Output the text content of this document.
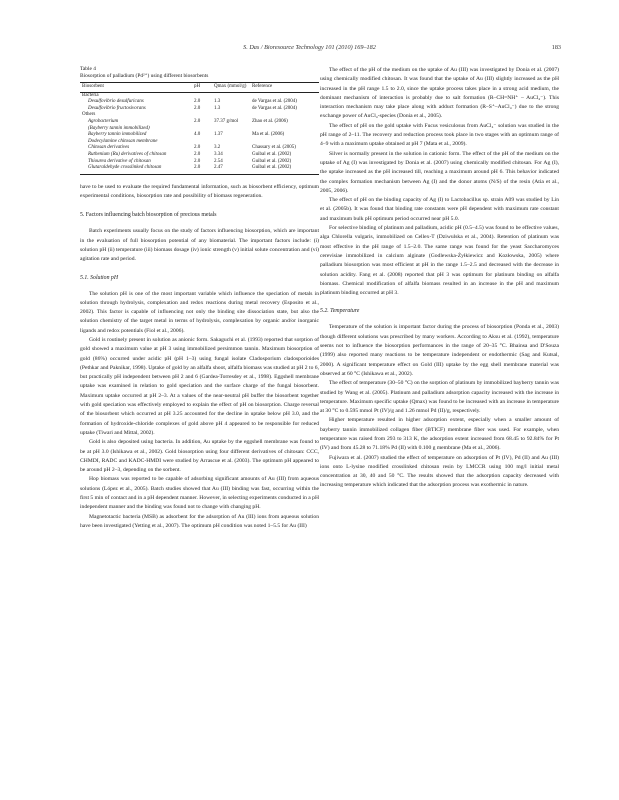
S. Das / Bioresource Technology 101 (2010) 169–182	183

Table 4

Biosorption of palladium (Pd²⁺) using different biosorbents

Biosorbent	pH	Qmax (mmol/g)	Reference
Bacteria			
Desulfovibrio desulfuricans	2.0	1.3	de Vargas et al. (2004)
Desulfovibrio fructosivorans	2.0	1.3	de Vargas et al. (2004)
Others			
Agrobacterium	2.0	37.37 g/mol	Zhao et al. (2006)
(Bayberry tannin immobilized)			
Bayberry tannin immobilized	4.0	1.37	Ma et al. (2006)
Dodecylamine chitosan membrane			
Chitosan derivatives	2.0	3.2	Chassary et al. (2005)
Ruthenium (Ru) derivatives of chitosan	2.0	3.34	Guibal et al. (2002)
Thiourea derivative of chitosan	2.0	2.54	Guibal et al. (2002)
Glutaraldehyde crosslinked chitosan	2.0	2.47	Guibal et al. (2002)

have to be used to evaluate the required fundamental information, such as biosorbent efficiency, optimum experimental conditions, biosorption rate and possibility of biomass regeneration.

5. Factors influencing batch biosorption of precious metals

Batch experiments usually focus on the study of factors influencing biosorption, which are important in the evaluation of full biosorption potential of any biomaterial. The important factors include: (i) solution pH (ii) temperature (iii) biomass dosage (iv) ionic strength (v) initial solute concentration and (vi) agitation rate and period.

5.1. Solution pH

The solution pH is one of the most important variable which influence the speciation of metals in solution through hydrolysis, complexation and redox reactions during metal recovery (Esposito et al., 2002). This factor is capable of influencing not only the binding site dissociation state, but also the solution chemistry of the target metal in terms of hydrolysis, complexation by organic and/or inorganic ligands and redox potentials (Fiol et al., 2006).

Gold is routinely present in solution as anionic form. Sakaguchi et al. (1993) reported that sorption of gold showed a maximum value at pH 3 using immobilized persimmon tannin. Maximum biosorption of gold (86%) occurred under acidic pH (pH 1–3) using fungal isolate Cladosporium cladosporioides (Pethkar and Paknikar, 1998). Uptake of gold by an alfalfa shoot, alfalfa biomass was studied at pH 2 to 6, but practically pH independent between pH 2 and 6 (Gardea-Torresdey et al., 1998). Eggshell membrane uptake was examined in relation to gold speciation and the surface charge of the fungal biosorbent. Maximum uptake occurred at pH 2–3. At a values of the near-neutral pH buffer the biosorbent together with gold speciation was effectively employed to explain the effect of pH on biosorption. Charge reversal of the biosorbent which occurred at pH 3.25 accounted for the decline in uptake below pH 3.0, and the formation of hydroxide-chloride complexes of gold above pH 4 appeared to be responsible for reduced uptake (Tiwari and Mittal, 2002).

Gold is also deposited using bacteria. In addition, Au uptake by the eggshell membrane was found to be at pH 3.0 (Ishikawa et al., 2002). Gold biosorption using four different derivatives of chitosan: CCC, CHMDI, RADC and KADC-HMDI were studied by Arrascue et al. (2003). The optimum pH appeared to be around pH 2–3, depending on the sorbent.

Hop biomass was reported to be capable of adsorbing significant amounts of Au (III) from aqueous solutions (López et al., 2005). Batch studies showed that Au (III) binding was fast, occurring within the first 5 min of contact and in a pH dependent manner. However, in selecting experiments conducted in a pH independent manner and the binding was found not to change with changing pH.

Magnetotactic bacteria (MSB) as adsorbent for the adsorption of Au (III) ions from aqueous solution have been investigated (Yetting et al., 2007). The optimum pH condition was noted 1–5.5 for Au (III)

The effect of the pH of the medium on the uptake of Au (III) was investigated by Donia et al. (2007) using chemically modified chitosan. It was found that the uptake of Au (III) slightly increased as the pH increased in the pH range 1.5 to 2.0, since the uptake process takes place in a strong acid medium, the dominant mechanism of interaction is probably due to salt formation (R–CH=NH⁺ – AuCl₄⁻). This interaction mechanism may take place along with adduct formation (R–S⁺–AuCl₄⁻) due to the strong exchange power of AuCl₄-species (Donia et al., 2005).

The effect of pH on the gold uptake with Fucus vesiculosus from AuCl₄⁻ solution was studied in the pH range of 2–11. The recovery and reduction process took place in two stages with an optimum range of 4–9 with a maximum uptake obtained at pH 7 (Mata et al., 2009).

Silver is normally present in the solution in cationic form. The effect of the pH of the medium on the uptake of Ag (I) was investigated by Donia et al. (2007) using chemically modified chitosan. For Ag (I), the uptake increased as the pH increased till, reaching a maximum around pH 6. This behavior indicated the complex formation mechanism between Ag (I) and the donor atoms (N/S) of the resin (Atia et al., 2005, 2006).

The effect of pH on the binding capacity of Ag (I) to Lactobacillus sp. strain A09 was studied by Lin et al. (2005b). It was found that binding rate constants were pH dependent with maximum rate constant and maximum bulk pH optimum period occurred near pH 5.0.

For selective binding of platinum and palladium, acidic pH (0.5–4.5) was found to be effective values, alga Chlorella vulgaris, immobilized on Cellex-T (Dziwulska et al., 2004). Retention of platinum was most effective in the pH range of 1.5–2.0. The same range was found for the yeast Saccharomyces cerevisiae immobilized in calcium alginate (Godlewska-Żyłkiewicz and Kozłowska, 2005) where palladium biosorption was most efficient at pH in the range 1.5–2.5 and decreased with the decrease in solution acidity. Fang et al. (2008) reported that pH 3 was optimum for platinum binding on alfalfa biomass. Chemical modification of alfalfa biomass resulted in an increase in the pH and maximum platinum binding occurred at pH 3.

5.2. Temperature

Temperature of the solution is important factor during the process of biosorption (Ponda et al., 2003) though different solutions was prescribed by many workers. According to Aksu et al. (1992), temperature seems not to influence the biosorption performances in the range of 20–35 °C. Bhainsa and D'Souza (1999) also reported many reactions to be temperature independent or endothermic (Sag and Kutsal, 2000). A significant temperature effect on Gold (III) uptake by the egg shell membrane material was observed at 60 °C (Ishikawa et al., 2002).

The effect of temperature (30–50 °C) on the sorption of platinum by immobilized bayberry tannin was studied by Wang et al. (2005). Platinum and palladium adsorption capacity increased with the increase in temperature. Maximum specific uptake (Qmax) was found to be increased with an increase in temperature at 30 °C to 0.595 mmol Pt (IV)/g and 1.26 mmol Pd (II)/g, respectively.

Higher temperature resulted in higher adsorption extent, especially when a smaller amount of bayberry tannin immobilized collagen fiber (BTICF) membrane fiber was used. For example, when temperature was raised from 293 to 313 K, the adsorption extent increased from 68.45 to 92.84% for Pt (IV) and from 45.28 to 71.18% Pd (II) with 0.100 g membrane (Ma et al., 2006).

Fujiwara et al. (2007) studied the effect of temperature on adsorption of Pt (IV), Pd (II) and Au (III) ions onto L-lysine modified crosslinked chitosan resin by LMCCR using 100 mg/l initial metal concentration at 30, 40 and 50 °C. The results showed that the adsorption capacity decreased with increasing temperature which indicated that the adsorption process was exothermic in nature.
